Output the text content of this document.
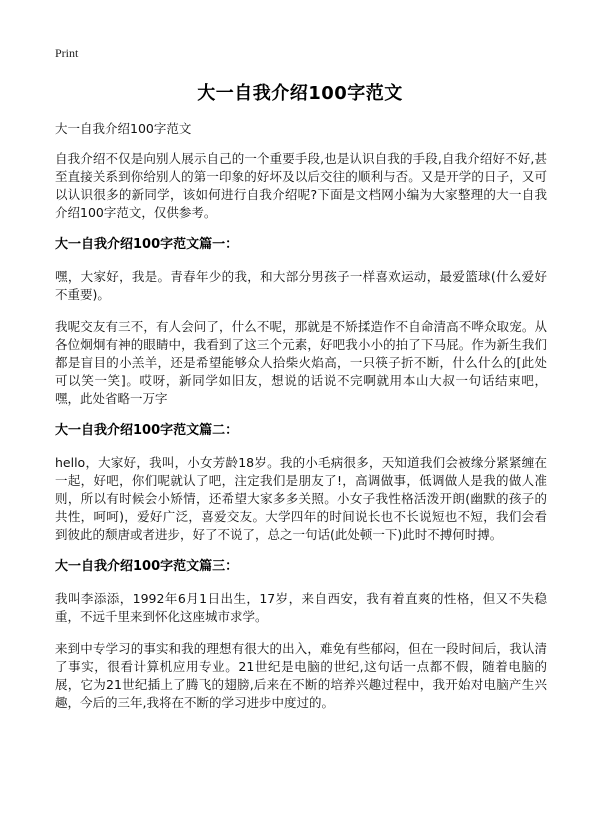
Print
大一自我介绍100字范文

大一自我介绍100字范文

自我介绍不仅是向别人展示自己的一个重要手段,也是认识自我的手段,自我介绍好不好,甚至直接关系到你给别人的第一印象的好坏及以后交往的顺利与否。又是开学的日子，又可以认识很多的新同学，该如何进行自我介绍呢?下面是文档网小编为大家整理的大一自我介绍100字范文，仅供参考。

大一自我介绍100字范文篇一：

嘿，大家好，我是。青春年少的我，和大部分男孩子一样喜欢运动，最爱篮球(什么爱好不重要)。

我呢交友有三不，有人会问了，什么不呢，那就是不矫揉造作不自命清高不哗众取宠。从各位炯炯有神的眼睛中，我看到了这三个元素，好吧我小小的拍了下马屁。作为新生我们都是盲目的小羔羊，还是希望能够众人拾柴火焰高，一只筷子折不断，什么什么的[此处可以笑一笑]。哎呀，新同学如旧友，想说的话说不完啊就用本山大叔一句话结束吧，嘿，此处省略一万字

大一自我介绍100字范文篇二：

hello，大家好，我叫，小女芳龄18岁。我的小毛病很多，天知道我们会被缘分紧紧缠在一起，好吧，你们呢就认了吧，注定我们是朋友了!，高调做事，低调做人是我的做人准则，所以有时候会小矫情，还希望大家多多关照。小女子我性格活泼开朗(幽默的孩子的共性，呵呵)，爱好广泛，喜爱交友。大学四年的时间说长也不长说短也不短，我们会看到彼此的颓唐或者进步，好了不说了，总之一句话(此处顿一下)此时不搏何时搏。

大一自我介绍100字范文篇三：

我叫李添添，1992年6月1日出生，17岁，来自西安，我有着直爽的性格，但又不失稳重，不远千里来到怀化这座城市求学。

来到中专学习的事实和我的理想有很大的出入，难免有些郁闷，但在一段时间后，我认清了事实，很看计算机应用专业。21世纪是电脑的世纪,这句话一点都不假，随着电脑的展，它为21世纪插上了腾飞的翅膀,后来在不断的培养兴趣过程中，我开始对电脑产生兴趣，今后的三年,我将在不断的学习进步中度过的。
